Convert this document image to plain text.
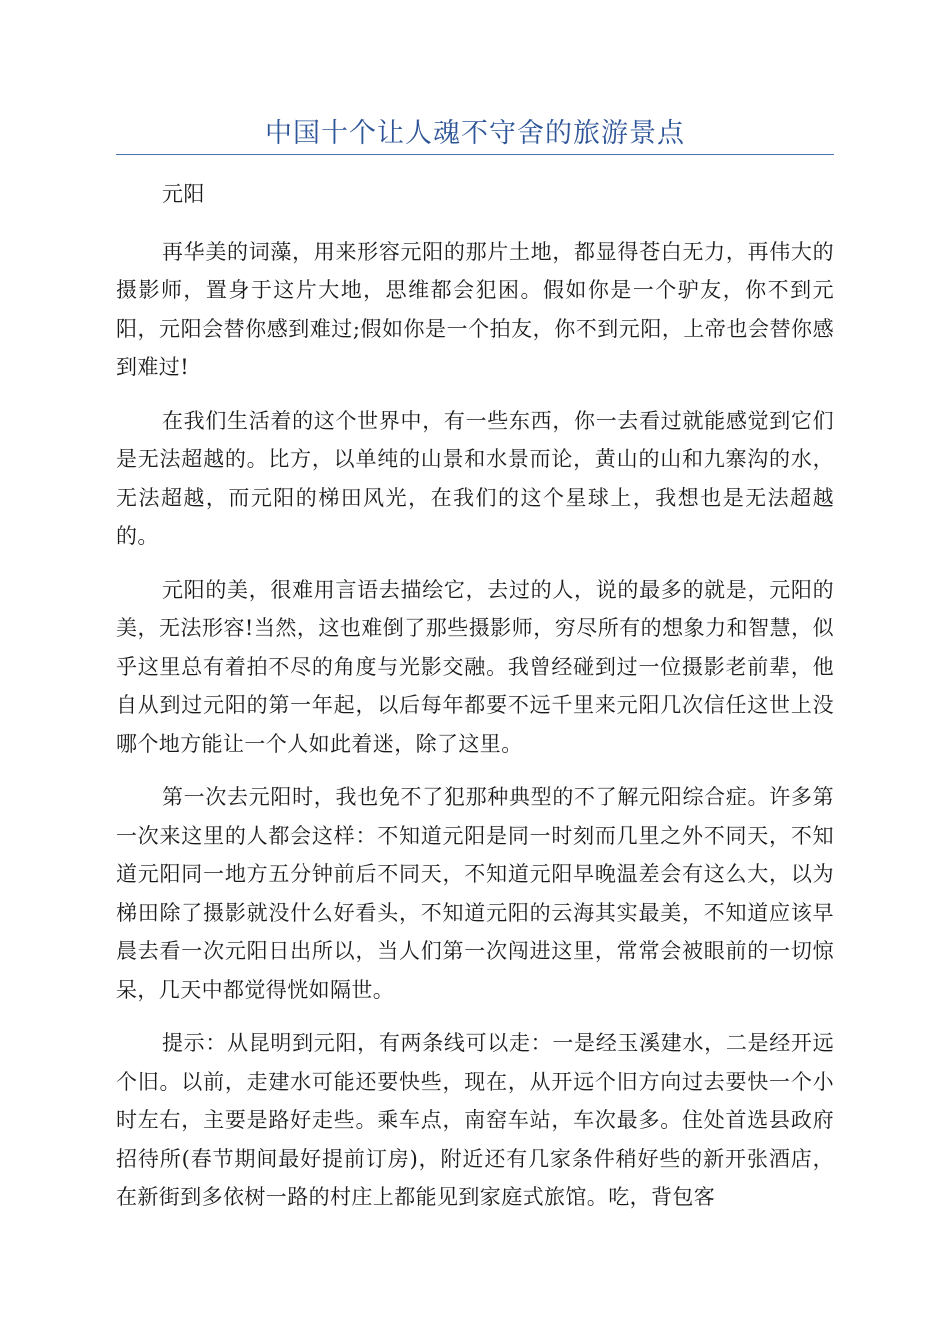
中国十个让人魂不守舍的旅游景点

元阳

再华美的词藻，用来形容元阳的那片土地，都显得苍白无力，再伟大的摄影师，置身于这片大地，思维都会犯困。假如你是一个驴友，你不到元阳，元阳会替你感到难过;假如你是一个拍友，你不到元阳，上帝也会替你感到难过!

在我们生活着的这个世界中，有一些东西，你一去看过就能感觉到它们是无法超越的。比方，以单纯的山景和水景而论，黄山的山和九寨沟的水，无法超越，而元阳的梯田风光，在我们的这个星球上，我想也是无法超越的。

元阳的美，很难用言语去描绘它，去过的人，说的最多的就是，元阳的美，无法形容!当然，这也难倒了那些摄影师，穷尽所有的想象力和智慧，似乎这里总有着拍不尽的角度与光影交融。我曾经碰到过一位摄影老前辈，他自从到过元阳的第一年起，以后每年都要不远千里来元阳几次信任这世上没哪个地方能让一个人如此着迷，除了这里。

第一次去元阳时，我也免不了犯那种典型的不了解元阳综合症。许多第一次来这里的人都会这样：不知道元阳是同一时刻而几里之外不同天，不知道元阳同一地方五分钟前后不同天，不知道元阳早晚温差会有这么大，以为梯田除了摄影就没什么好看头，不知道元阳的云海其实最美，不知道应该早晨去看一次元阳日出所以，当人们第一次闯进这里，常常会被眼前的一切惊呆，几天中都觉得恍如隔世。

提示：从昆明到元阳，有两条线可以走：一是经玉溪建水，二是经开远个旧。以前，走建水可能还要快些，现在，从开远个旧方向过去要快一个小时左右，主要是路好走些。乘车点，南窑车站，车次最多。住处首选县政府招待所(春节期间最好提前订房)，附近还有几家条件稍好些的新开张酒店，在新街到多依树一路的村庄上都能见到家庭式旅馆。吃，背包客
